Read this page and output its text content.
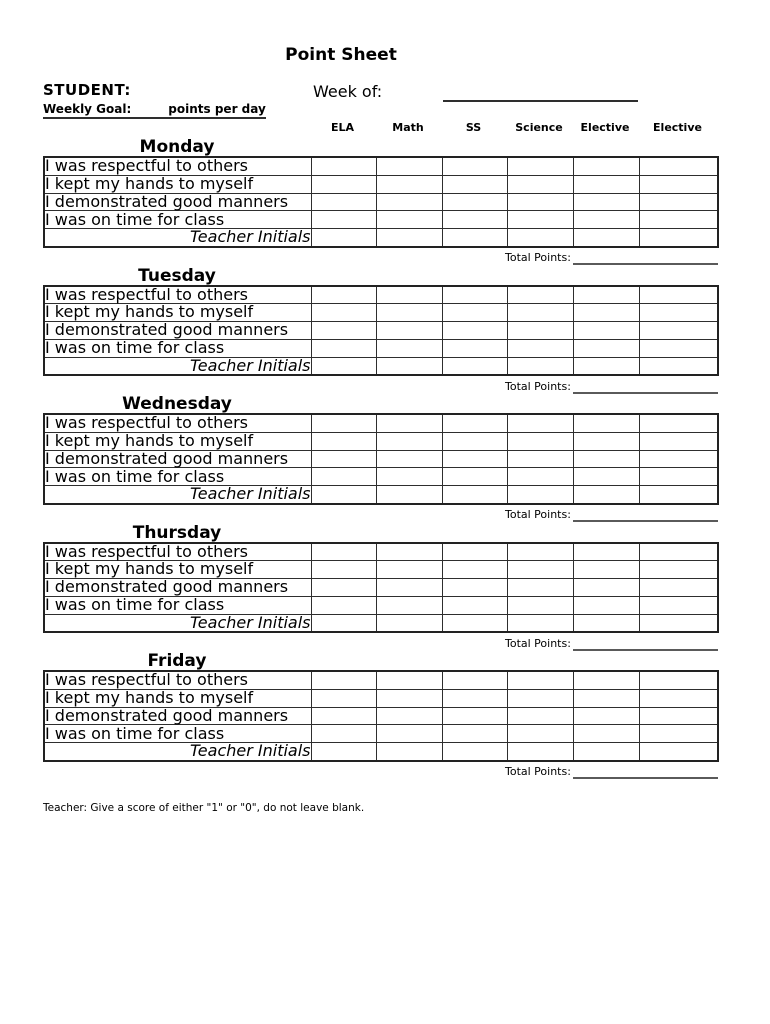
Point Sheet
STUDENT:	Week of:
Weekly Goal:	points per day
ELA	Math	SS	Science	Elective	Elective
Monday
I was respectful to others						
I kept my hands to myself						
I demonstrated good manners						
I was on time for class						
Teacher Initials						
Total Points:
Tuesday
I was respectful to others						
I kept my hands to myself						
I demonstrated good manners						
I was on time for class						
Teacher Initials						
Total Points:
Wednesday
I was respectful to others						
I kept my hands to myself						
I demonstrated good manners						
I was on time for class						
Teacher Initials						
Total Points:
Thursday
I was respectful to others						
I kept my hands to myself						
I demonstrated good manners						
I was on time for class						
Teacher Initials						
Total Points:
Friday
I was respectful to others						
I kept my hands to myself						
I demonstrated good manners						
I was on time for class						
Teacher Initials						
Total Points:
Teacher: Give a score of either "1" or "0", do not leave blank.
